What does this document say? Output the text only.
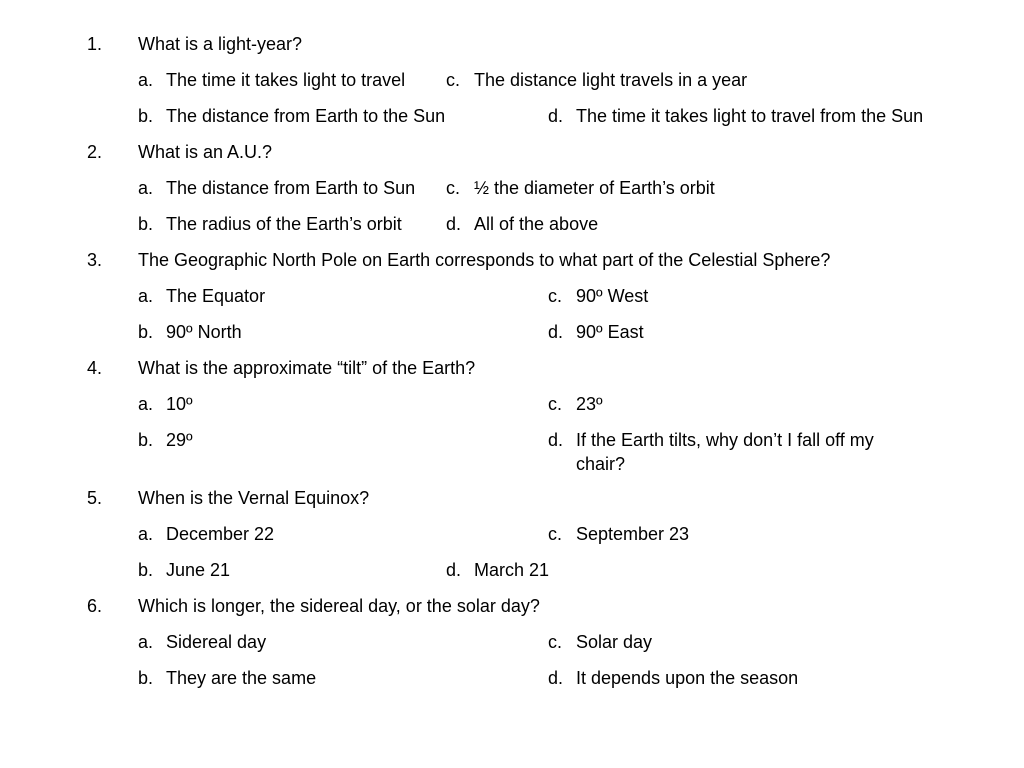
1. What is a light-year?
a. The time it takes light to travel c. The distance light travels in a year
b. The distance from Earth to the Sun	d. The time it takes light to travel from the Sun
2. What is an A.U.?
a. The distance from Earth to Sun c. ½ the diameter of Earth’s orbit
b. The radius of the Earth’s orbit d. All of the above
3. The Geographic North Pole on Earth corresponds to what part of the Celestial Sphere?
a. The Equator	c. 90º West
b. 90º North	d. 90º East
4. What is the approximate “tilt” of the Earth?
a. 10º	c. 23º
b. 29º	d. If the Earth tilts, why don’t I fall off my chair?
5. When is the Vernal Equinox?
a. December 22	c. September 23
b. June 21	d. March 21
6. Which is longer, the sidereal day, or the solar day?
a. Sidereal day	c. Solar day
b. They are the same	d. It depends upon the season
